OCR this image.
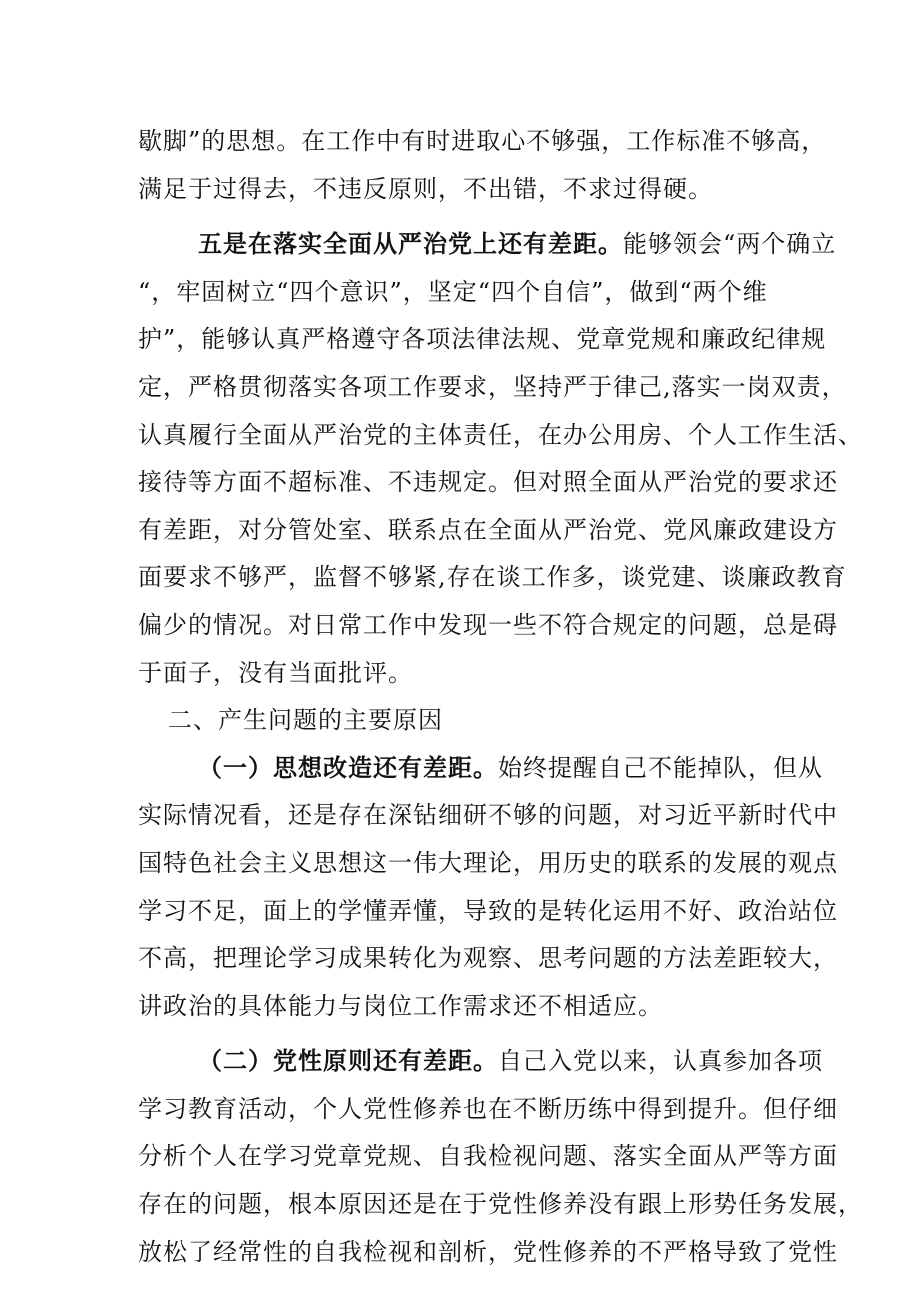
歇脚”的思想。在工作中有时进取心不够强，工作标准不够高，
满足于过得去，不违反原则，不出错，不求过得硬。
五是在落实全面从严治党上还有差距。能够领会“两个确立
“，牢固树立“四个意识”，坚定“四个自信”，做到“两个维
护”，能够认真严格遵守各项法律法规、党章党规和廉政纪律规
定，严格贯彻落实各项工作要求，坚持严于律己,落实一岗双责，
认真履行全面从严治党的主体责任，在办公用房、个人工作生活、
接待等方面不超标准、不违规定。但对照全面从严治党的要求还
有差距，对分管处室、联系点在全面从严治党、党风廉政建设方
面要求不够严，监督不够紧,存在谈工作多，谈党建、谈廉政教育
偏少的情况。对日常工作中发现一些不符合规定的问题，总是碍
于面子，没有当面批评。
二、产生问题的主要原因
（一）思想改造还有差距。始终提醒自己不能掉队，但从
实际情况看，还是存在深钻细研不够的问题，对习近平新时代中
国特色社会主义思想这一伟大理论，用历史的联系的发展的观点
学习不足，面上的学懂弄懂，导致的是转化运用不好、政治站位
不高，把理论学习成果转化为观察、思考问题的方法差距较大，
讲政治的具体能力与岗位工作需求还不相适应。
（二）党性原则还有差距。自己入党以来，认真参加各项
学习教育活动，个人党性修养也在不断历练中得到提升。但仔细
分析个人在学习党章党规、自我检视问题、落实全面从严等方面
存在的问题，根本原因还是在于党性修养没有跟上形势任务发展，
放松了经常性的自我检视和剖析，党性修养的不严格导致了党性
